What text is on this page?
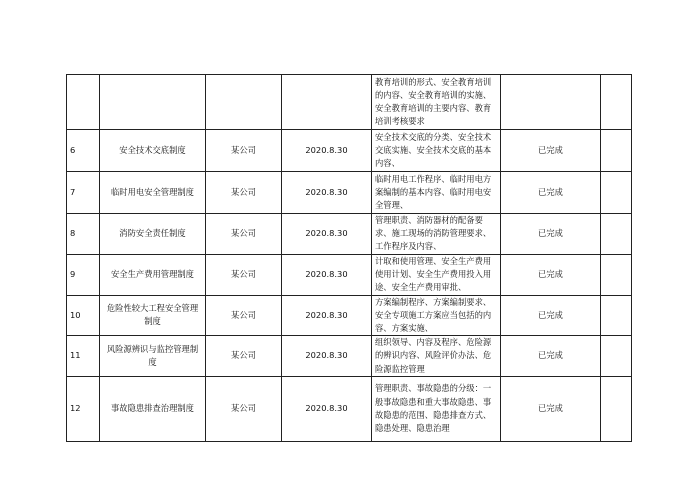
				教育培训的形式、安全教育培训的内容、安全教育培训的实施、安全教育培训的主要内容、教育培训考核要求		
6	安全技术交底制度	某公司	2020.8.30	安全技术交底的分类、安全技术交底实施、安全技术交底的基本内容、	已完成	
7	临时用电安全管理制度	某公司	2020.8.30	临时用电工作程序、临时用电方案编制的基本内容、临时用电安全管理、	已完成	
8	消防安全责任制度	某公司	2020.8.30	管理职责、消防器材的配备要求、施工现场的消防管理要求、工作程序及内容、	已完成	
9	安全生产费用管理制度	某公司	2020.8.30	计取和使用管理、安全生产费用使用计划、安全生产费用投入用途、安全生产费用审批、	已完成	
10	危险性较大工程安全管理制度	某公司	2020.8.30	方案编制程序、方案编制要求、安全专项施工方案应当包括的内容、方案实施、	已完成	
11	风险源辨识与监控管理制度	某公司	2020.8.30	组织领导、内容及程序、危险源的辨识内容、风险评价办法、危险源监控管理	已完成	
12	事故隐患排查治理制度	某公司	2020.8.30	管理职责、事故隐患的分级：一般事故隐患和重大事故隐患、事故隐患的范围、隐患排查方式、隐患处理、隐患治理	已完成	
